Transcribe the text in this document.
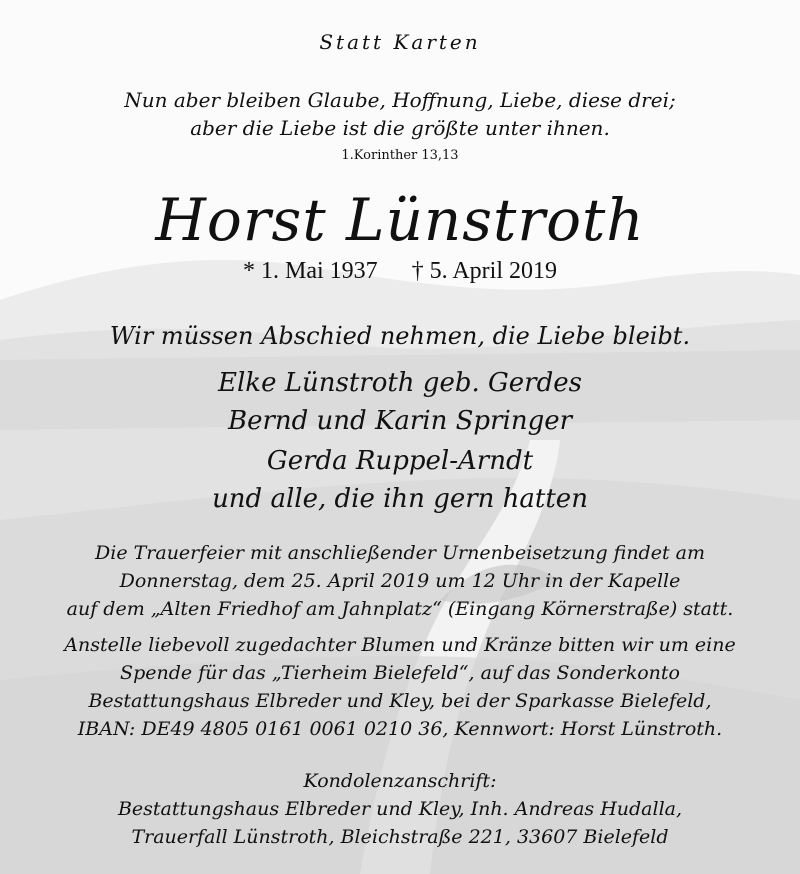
Statt Karten
Nun aber bleiben Glaube, Hoffnung, Liebe, diese drei;
aber die Liebe ist die größte unter ihnen.
1.Korinther 13,13
Horst Lünstroth
* 1. Mai 1937 † 5. April 2019
Wir müssen Abschied nehmen, die Liebe bleibt.
Elke Lünstroth geb. Gerdes
Bernd und Karin Springer
Gerda Ruppel-Arndt
und alle, die ihn gern hatten
Die Trauerfeier mit anschließender Urnenbeisetzung findet am
Donnerstag, dem 25. April 2019 um 12 Uhr in der Kapelle
auf dem „Alten Friedhof am Jahnplatz“ (Eingang Körnerstraße) statt.
Anstelle liebevoll zugedachter Blumen und Kränze bitten wir um eine
Spende für das „Tierheim Bielefeld“, auf das Sonderkonto
Bestattungshaus Elbreder und Kley, bei der Sparkasse Bielefeld,
IBAN: DE49 4805 0161 0061 0210 36, Kennwort: Horst Lünstroth.
Kondolenzanschrift:
Bestattungshaus Elbreder und Kley, Inh. Andreas Hudalla,
Trauerfall Lünstroth, Bleichstraße 221, 33607 Bielefeld
